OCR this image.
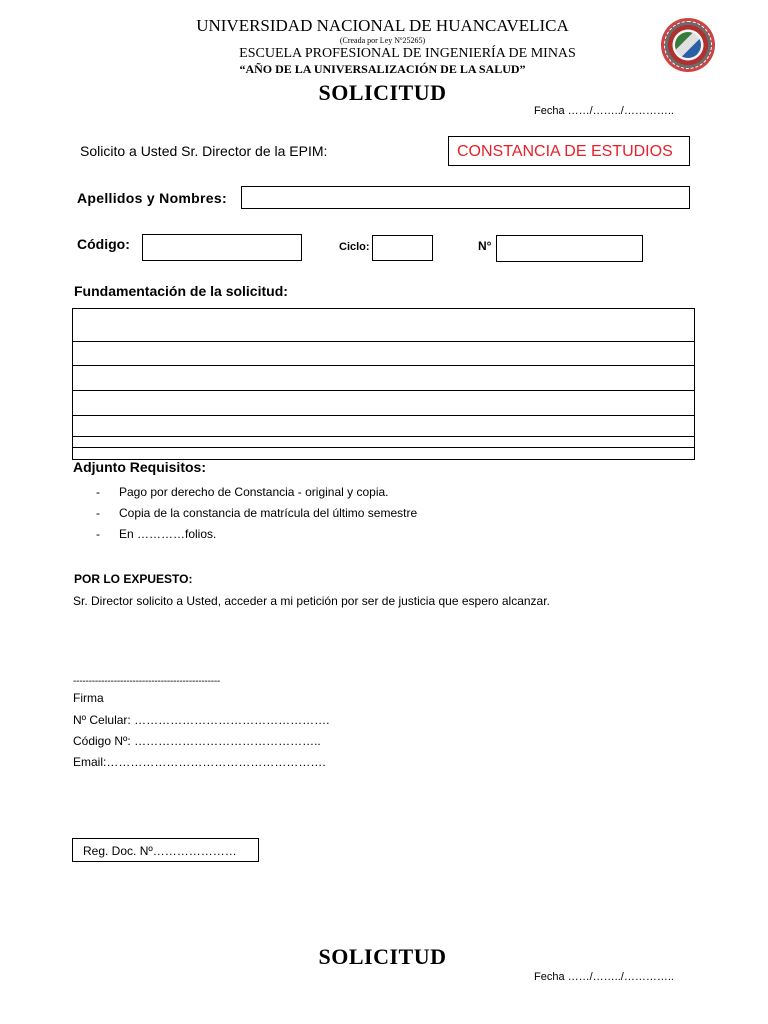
UNIVERSIDAD NACIONAL DE HUANCAVELICA
(Creada por Ley Nº25265)
ESCUELA PROFESIONAL DE INGENIERÍA DE MINAS
“AÑO DE LA UNIVERSALIZACIÓN DE LA SALUD”
SOLICITUD
Fecha ……/……../…………..
Solicito a Usted Sr. Director de la EPIM:	CONSTANCIA DE ESTUDIOS
Apellidos y Nombres:
Código:	Ciclo:	N°
Fundamentación de la solicitud:
Adjunto Requisitos:
- Pago por derecho de Constancia - original y copia.
- Copia de la constancia de matrícula del último semestre
- En …………folios.
POR LO EXPUESTO:
Sr. Director solicito a Usted, acceder a mi petición por ser de justicia que espero alcanzar.
-----------------------------------------------
Firma
Nº Celular: ………………………………………….
Código Nº: ………………………………………..
Email:……………………………………………….
Reg. Doc. Nº…………………
SOLICITUD
Fecha ……/……../…………..
